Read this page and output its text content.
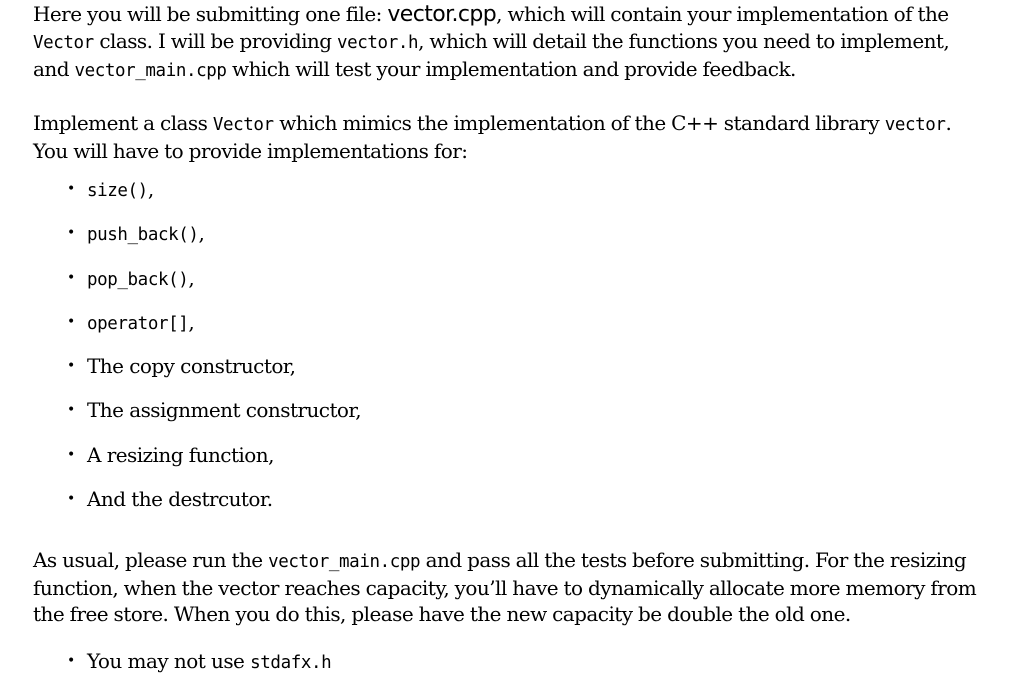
Here you will be submitting one file: vector.cpp, which will contain your implementation of the
Vector class. I will be providing vector.h, which will detail the functions you need to implement,
and vector_main.cpp which will test your implementation and provide feedback.

Implement a class Vector which mimics the implementation of the C++ standard library vector.
You will have to provide implementations for:

• size(),
• push_back(),
• pop_back(),
• operator[],
• The copy constructor,
• The assignment constructor,
• A resizing function,
• And the destrcutor.

As usual, please run the vector_main.cpp and pass all the tests before submitting. For the resizing
function, when the vector reaches capacity, you’ll have to dynamically allocate more memory from
the free store. When you do this, please have the new capacity be double the old one.

• You may not use stdafx.h
